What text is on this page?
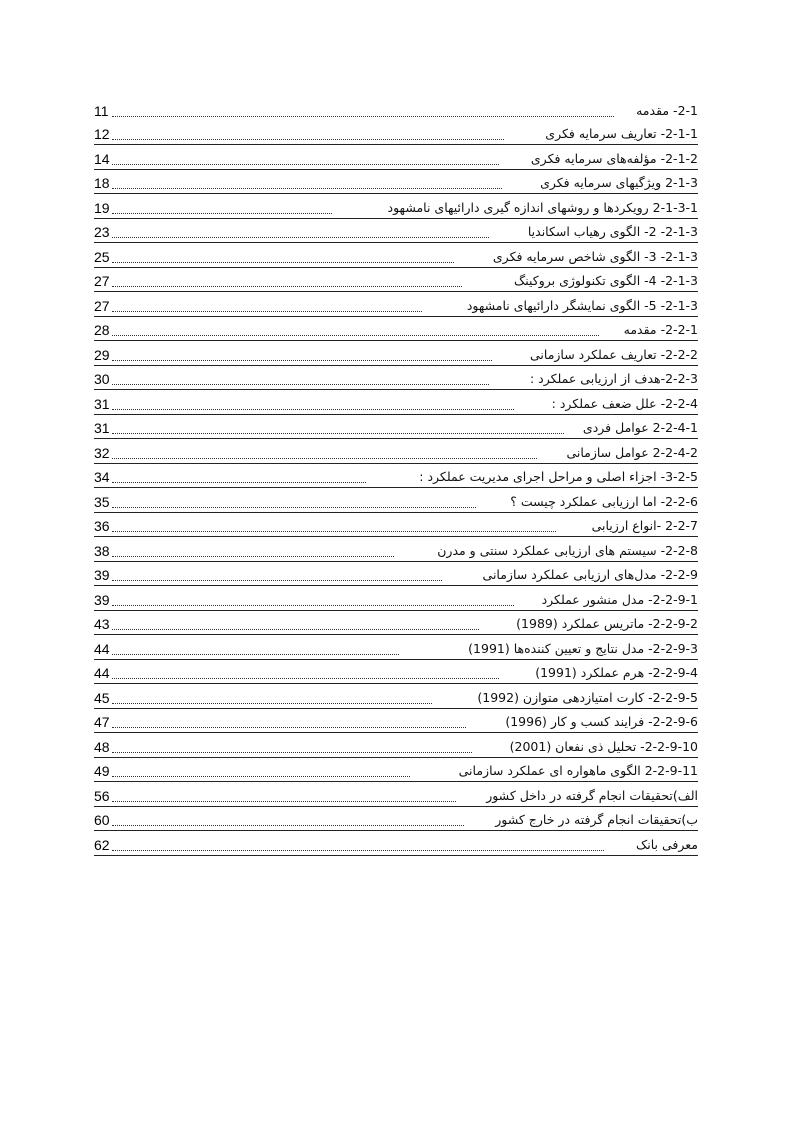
11	2-1- مقدمه
12	2-1-1- تعاریف سرمایه فکری
14	2-1-2- مؤلفه‌های سرمایه فکری
18	2-1-3 ویژگیهای سرمایه فکری
19	2-1-3-1 رویکردها و روشهای اندازه گیری دارائیهای نامشهود
23	2-1-3- 2- الگوی رهیاب اسکاندیا
25	2-1-3- 3- الگوی شاخص سرمایه فکری
27	2-1-3- 4- الگوی تکنولوژی بروکینگ
27	2-1-3- 5- الگوی نمایشگر دارائیهای نامشهود
28	2-2-1- مقدمه
29	2-2-2- تعاریف عملکرد سازمانی
30	2-2-3-هدف از ارزیابی عملکرد :
31	2-2-4- علل ضعف عملکرد :
31	2-2-4-1 عوامل فردی
32	2-2-4-2 عوامل سازمانی
34	3-2-5- اجزاء اصلی و مراحل اجرای مدیریت عملکرد :
35	2-2-6- اما ارزیابی عملکرد چیست ؟
36	2-2-7 -انواع ارزیابی
38	2-2-8- سیستم های ارزیابی عملکرد سنتی و مدرن
39	2-2-9- مدل‌های ارزیابی عملکرد سازمانی
39	2-2-9-1- مدل منشور عملکرد
43	2-2-9-2- ماتریس عملکرد (1989)
44	2-2-9-3- مدل نتایج و تعیین کننده‌ها (1991)
44	2-2-9-4- هرم عملکرد (1991)
45	2-2-9-5- کارت امتیازدهی متوازن (1992)
47	2-2-9-6- فرایند کسب و کار (1996)
48	2-2-9-10- تحلیل ذی نفعان (2001)
49	2-2-9-11 الگوی ماهواره ای عملکرد سازمانی
56	الف)تحقیقات انجام گرفته در داخل کشور
60	ب)تحقیقات انجام گرفته در خارج کشور
62	معرفی بانک
